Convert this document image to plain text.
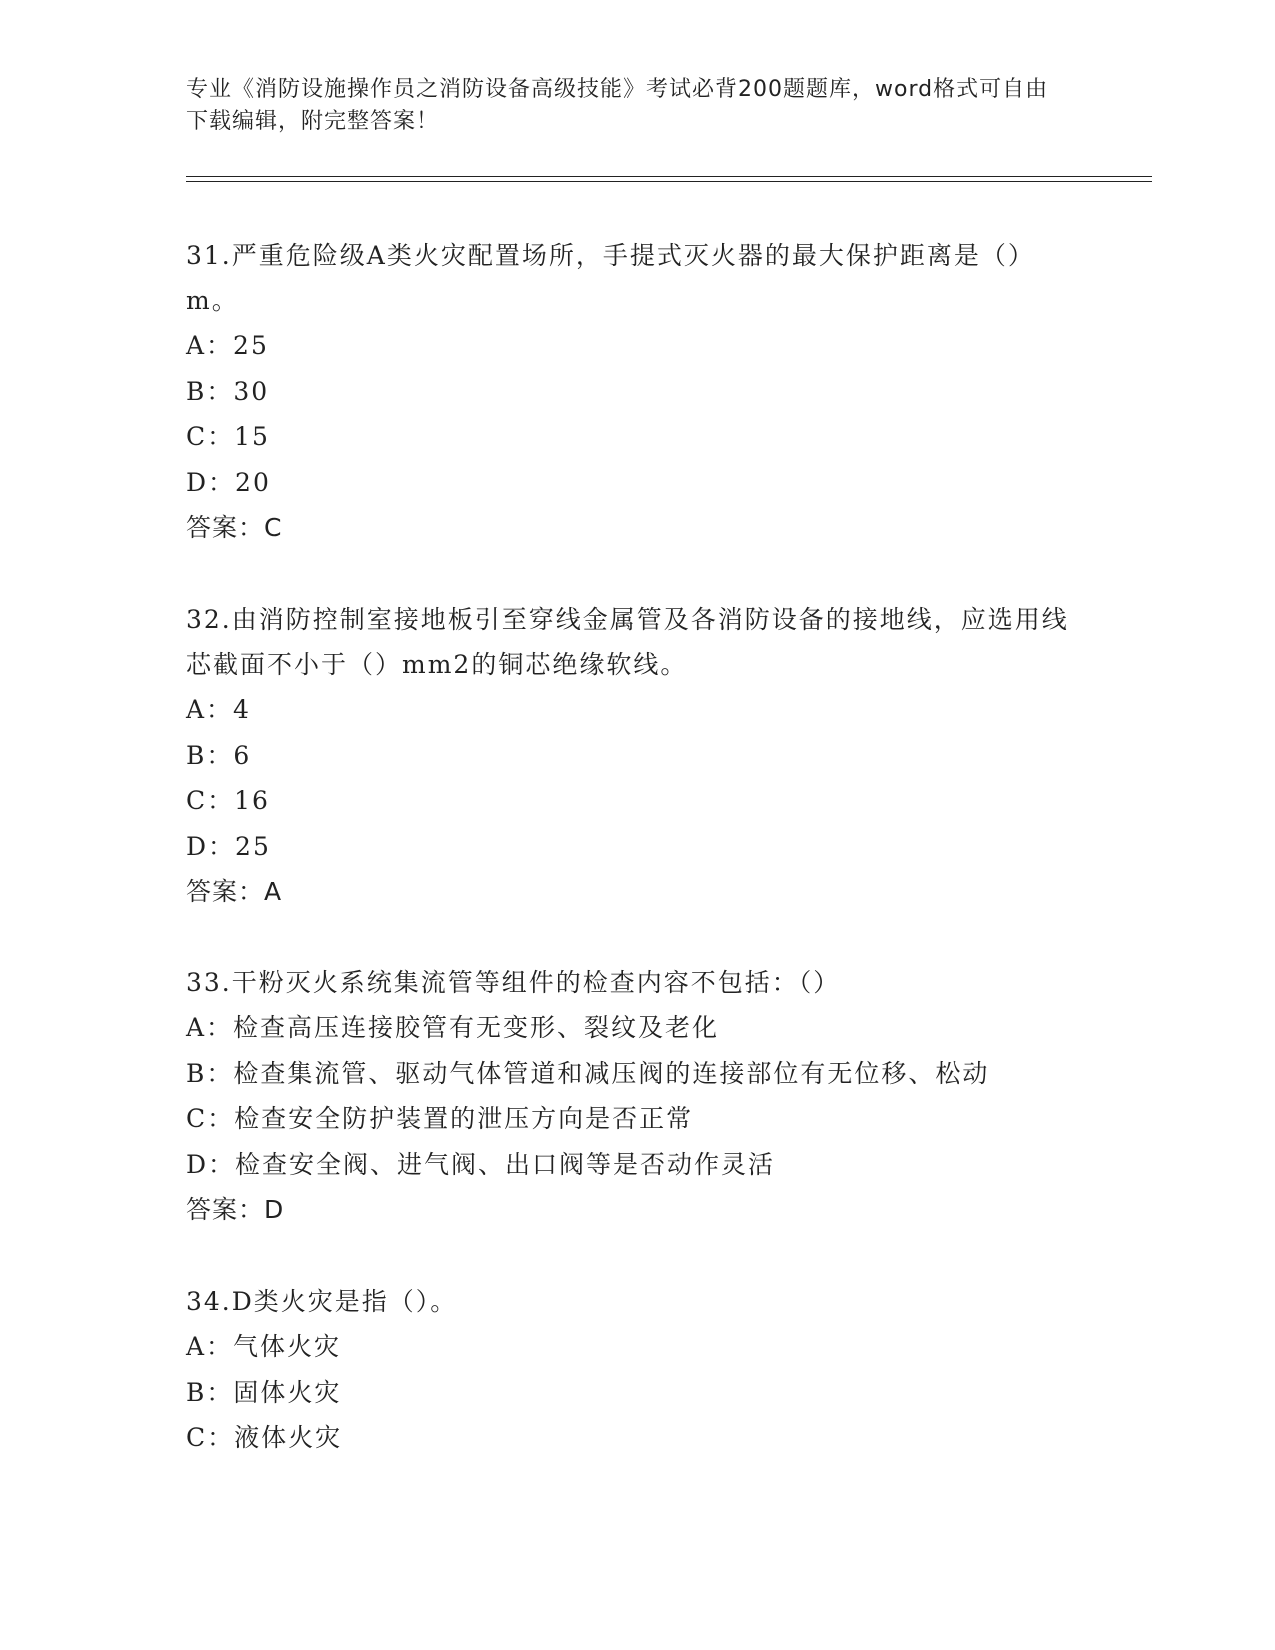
专业《消防设施操作员之消防设备高级技能》考试必背200题题库，word格式可自由下载编辑，附完整答案！

31.严重危险级A类火灾配置场所，手提式灭火器的最大保护距离是（）m。

A：25

B：30

C：15

D：20

答案：C

32.由消防控制室接地板引至穿线金属管及各消防设备的接地线，应选用线芯截面不小于（）mm2的铜芯绝缘软线。

A：4

B：6

C：16

D：25

答案：A

33.干粉灭火系统集流管等组件的检查内容不包括：（）

A：检查高压连接胶管有无变形、裂纹及老化

B：检查集流管、驱动气体管道和减压阀的连接部位有无位移、松动

C：检查安全防护装置的泄压方向是否正常

D：检查安全阀、进气阀、出口阀等是否动作灵活

答案：D

34.D类火灾是指（）。

A：气体火灾

B：固体火灾

C：液体火灾
